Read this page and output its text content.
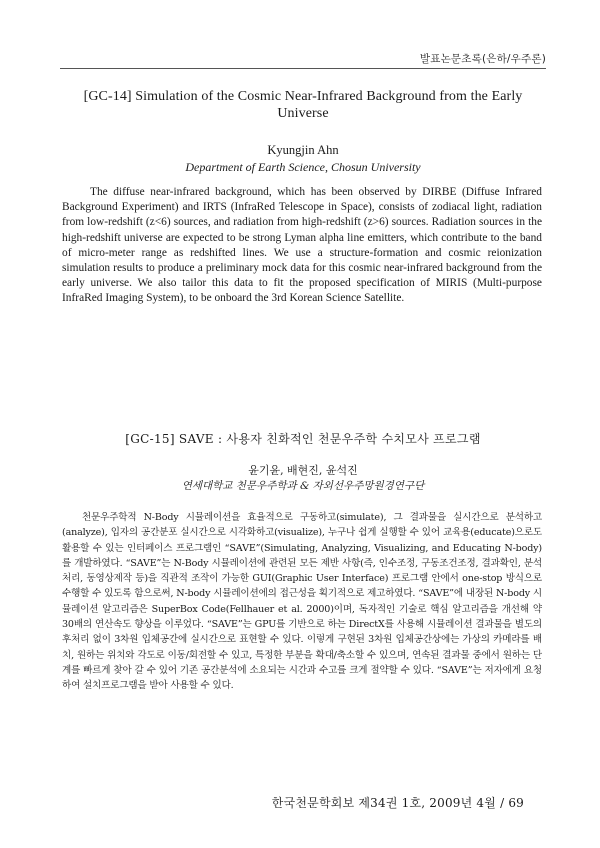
발표논문초록(은하/우주론)
[GC-14] Simulation of the Cosmic Near-Infrared Background from the Early Universe
Kyungjin Ahn
Department of Earth Science, Chosun University

The diffuse near-infrared background, which has been observed by DIRBE (Diffuse Infrared Background Experiment) and IRTS (InfraRed Telescope in Space), consists of zodiacal light, radiation from low-redshift (z<6) sources, and radiation from high-redshift (z>6) sources. Radiation sources in the high-redshift universe are expected to be strong Lyman alpha line emitters, which contribute to the band of micro-meter range as redshifted lines. We use a structure-formation and cosmic reionization simulation results to produce a preliminary mock data for this cosmic near-infrared background from the early universe. We also tailor this data to fit the proposed specification of MIRIS (Multi-purpose InfraRed Imaging System), to be onboard the 3rd Korean Science Satellite.

[GC-15] SAVE : 사용자 친화적인 천문우주학 수치모사 프로그램
윤기윤, 배현진, 윤석진
연세대학교 천문우주학과 & 자외선우주망원경연구단

천문우주학적 N-Body 시뮬레이션을 효율적으로 구동하고(simulate), 그 결과물을 실시간으로 분석하고(analyze), 입자의 공간분포 실시간으로 시각화하고(visualize), 누구나 쉽게 실행할 수 있어 교육용(educate)으로도 활용할 수 있는 인터페이스 프로그램인 “SAVE”(Simulating, Analyzing, Visualizing, and Educating N-body)를 개발하였다. “SAVE”는 N-Body 시뮬레이션에 관련된 모든 제반 사항(즉, 인수조정, 구동조건조정, 결과확인, 분석처리, 동영상제작 등)을 직관적 조작이 가능한 GUI(Graphic User Interface) 프로그램 안에서 one-stop 방식으로 수행할 수 있도록 함으로써, N-body 시뮬레이션에의 접근성을 획기적으로 제고하였다. “SAVE”에 내장된 N-body 시뮬레이션 알고리즘은 SuperBox Code(Fellhauer et al. 2000)이며, 독자적인 기술로 핵심 알고리즘을 개선해 약 30배의 연산속도 향상을 이루었다. “SAVE”는 GPU를 기반으로 하는 DirectX를 사용해 시뮬레이션 결과물을 별도의 후처리 없이 3차원 입체공간에 실시간으로 표현할 수 있다. 이렇게 구현된 3차원 입체공간상에는 가상의 카메라를 배치, 원하는 위치와 각도로 이동/회전할 수 있고, 특정한 부분을 확대/축소할 수 있으며, 연속된 결과물 중에서 원하는 단계를 빠르게 찾아 갈 수 있어 기존 공간분석에 소요되는 시간과 수고를 크게 절약할 수 있다. “SAVE”는 저자에게 요청하여 설치프로그램을 받아 사용할 수 있다.

한국천문학회보 제34권 1호, 2009년 4월 / 69
